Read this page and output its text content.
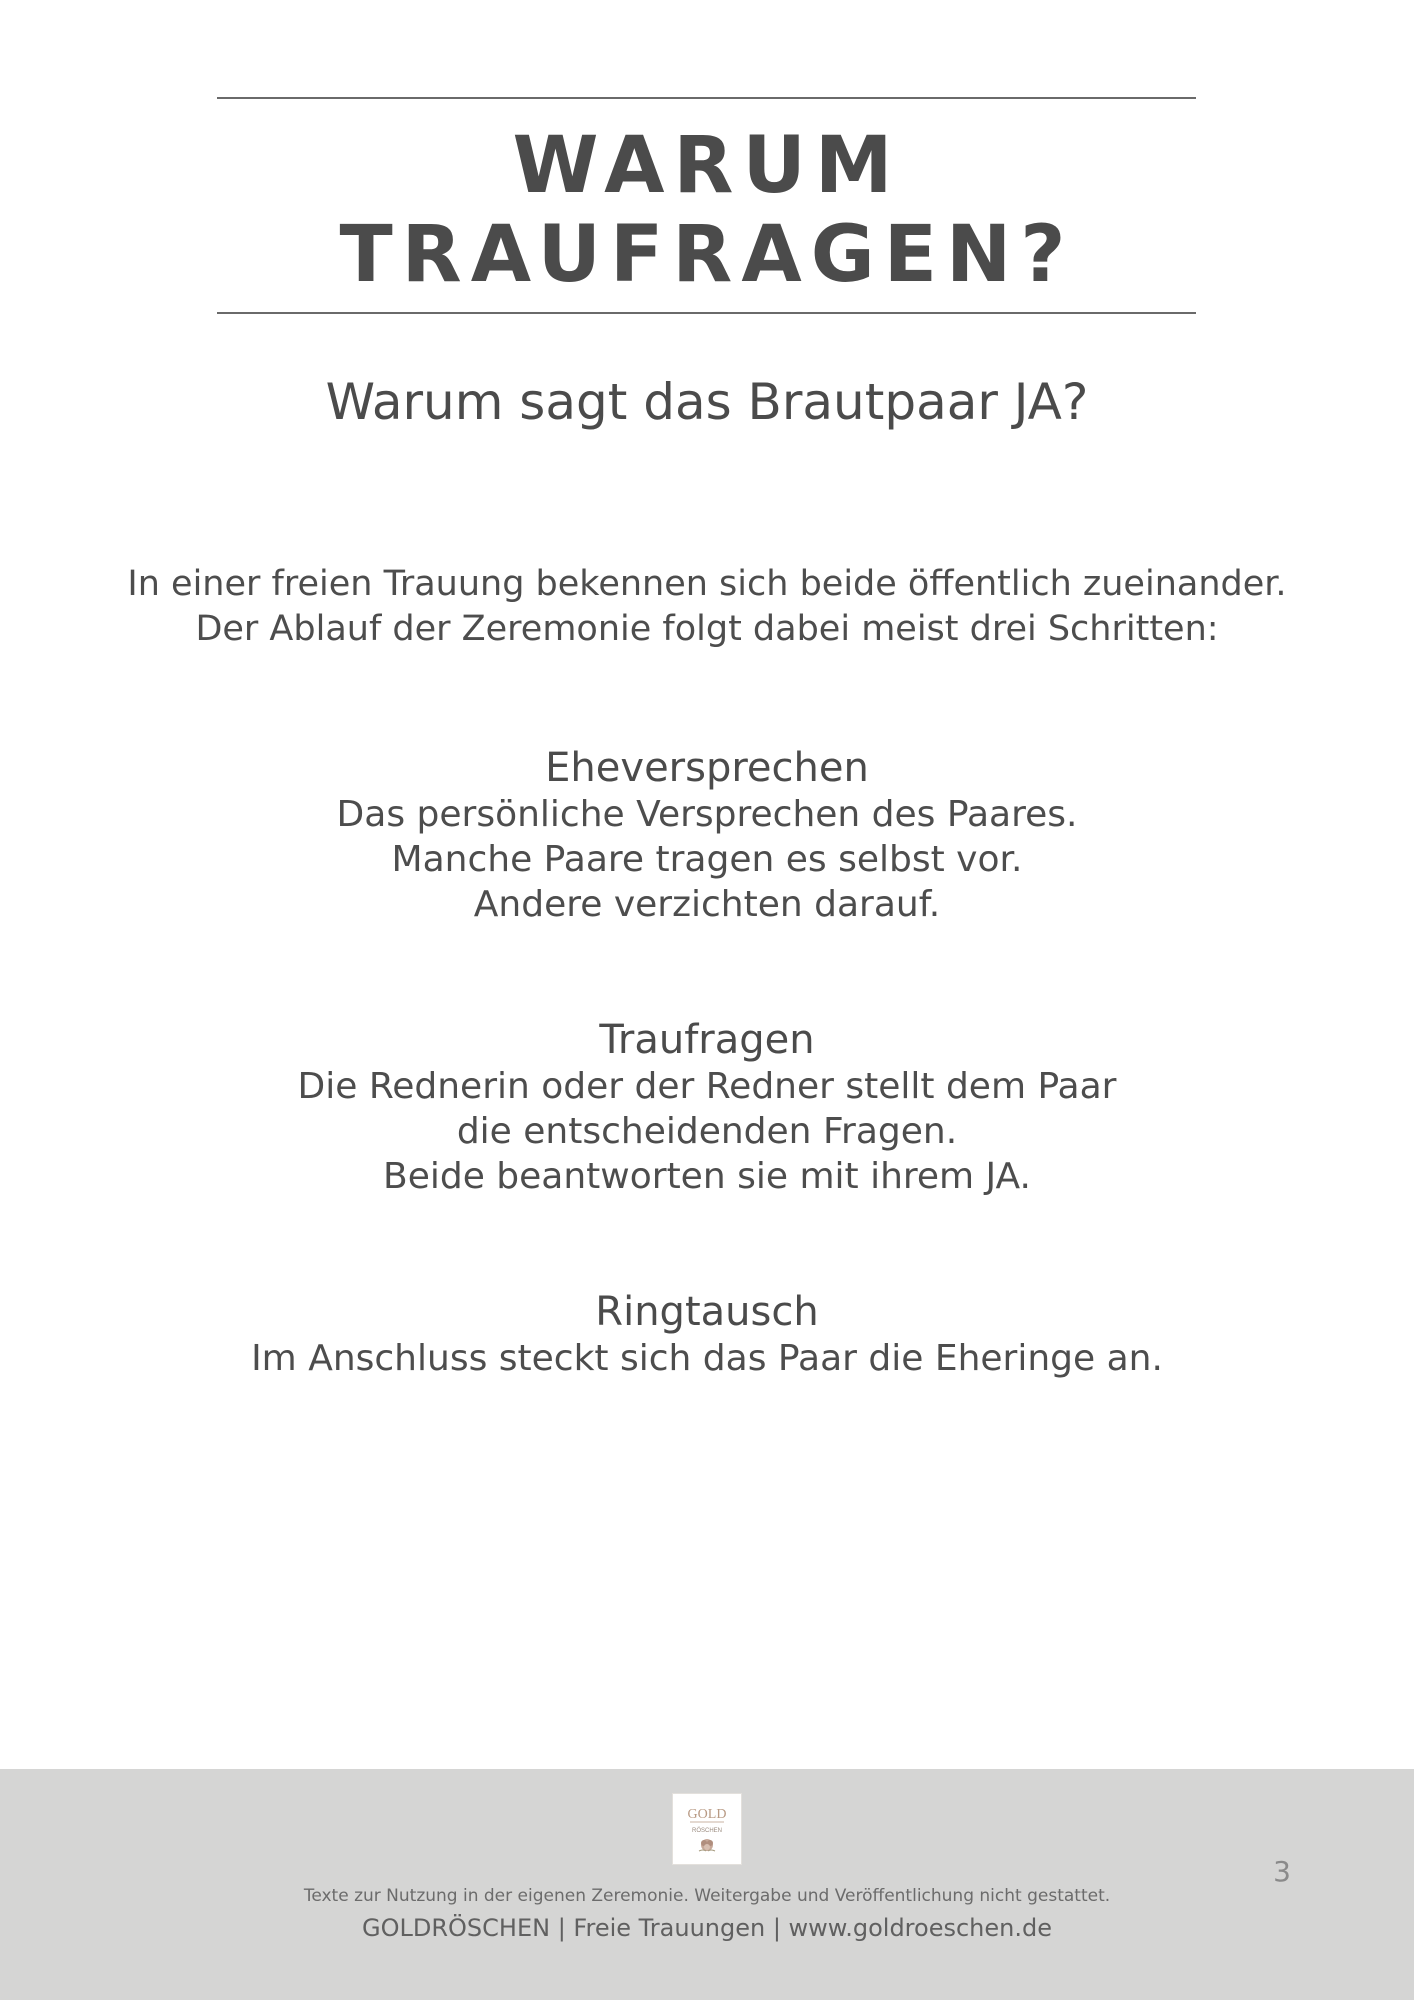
WARUM
TRAUFRAGEN?
Warum sagt das Brautpaar JA?
In einer freien Trauung bekennen sich beide öffentlich zueinander.
Der Ablauf der Zeremonie folgt dabei meist drei Schritten:
Eheversprechen
Das persönliche Versprechen des Paares.
Manche Paare tragen es selbst vor.
Andere verzichten darauf.
Traufragen
Die Rednerin oder der Redner stellt dem Paar
die entscheidenden Fragen.
Beide beantworten sie mit ihrem JA.
Ringtausch
Im Anschluss steckt sich das Paar die Eheringe an.
GOLD
RÖSCHEN
3
Texte zur Nutzung in der eigenen Zeremonie. Weitergabe und Veröffentlichung nicht gestattet.
GOLDRÖSCHEN | Freie Trauungen | www.goldroeschen.de
